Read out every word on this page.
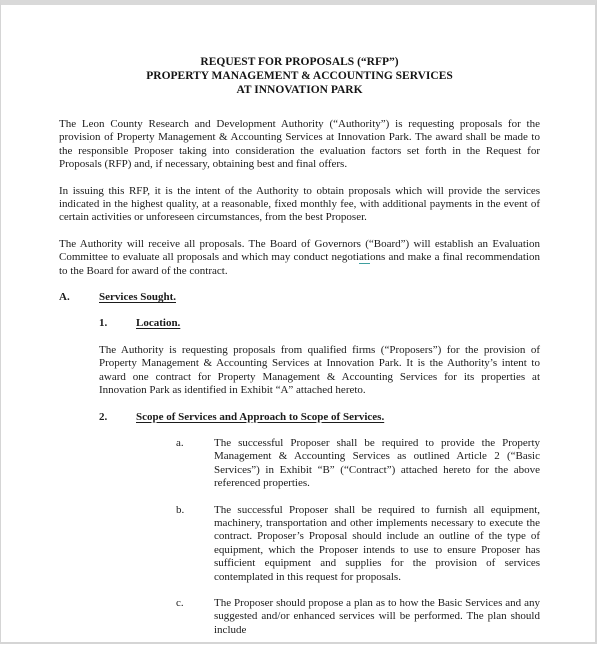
REQUEST FOR PROPOSALS (“RFP”)
PROPERTY MANAGEMENT & ACCOUNTING SERVICES
AT INNOVATION PARK

The Leon County Research and Development Authority (“Authority”) is requesting proposals for the provision of Property Management & Accounting Services at Innovation Park. The award shall be made to the responsible Proposer taking into consideration the evaluation factors set forth in the Request for Proposals (RFP) and, if necessary, obtaining best and final offers.

In issuing this RFP, it is the intent of the Authority to obtain proposals which will provide the services indicated in the highest quality, at a reasonable, fixed monthly fee, with additional payments in the event of certain activities or unforeseen circumstances, from the best Proposer.

The Authority will receive all proposals. The Board of Governors (“Board”) will establish an Evaluation Committee to evaluate all proposals and which may conduct negotiations and make a final recommendation to the Board for award of the contract.

A.	Services Sought.
1.	Location.

The Authority is requesting proposals from qualified firms (“Proposers”) for the provision of Property Management & Accounting Services at Innovation Park. It is the Authority’s intent to award one contract for Property Management & Accounting Services for its properties at Innovation Park as identified in Exhibit “A” attached hereto.

2.	Scope of Services and Approach to Scope of Services.
a.	The successful Proposer shall be required to provide the Property Management & Accounting Services as outlined Article 2 (“Basic Services”) in Exhibit “B” (“Contract”) attached hereto for the above referenced properties.
b.	The successful Proposer shall be required to furnish all equipment, machinery, transportation and other implements necessary to execute the contract. Proposer’s Proposal should include an outline of the type of equipment, which the Proposer intends to use to ensure Proposer has sufficient equipment and supplies for the provision of services contemplated in this request for proposals.
c.	The Proposer should propose a plan as to how the Basic Services and any suggested and/or enhanced services will be performed. The plan should include
